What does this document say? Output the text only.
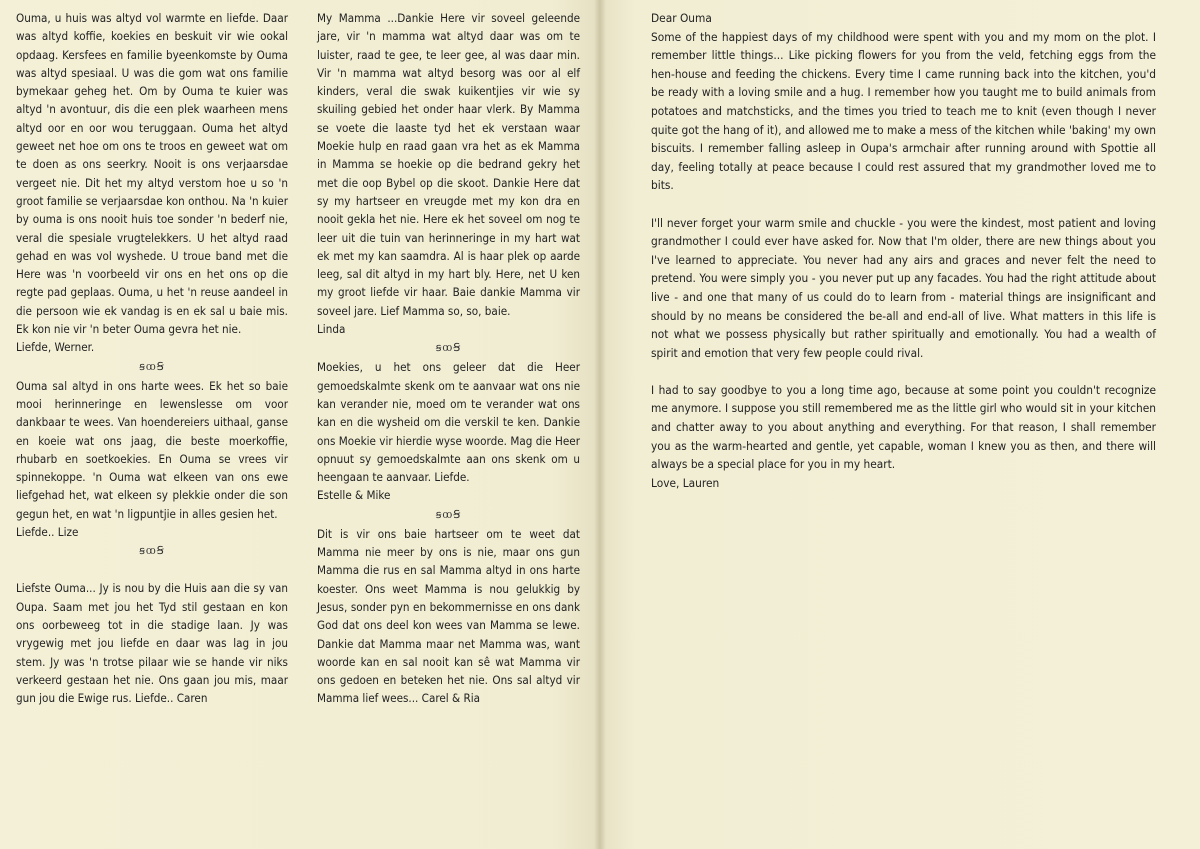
Ouma, u huis was altyd vol warmte en liefde. Daar was altyd koffie, koekies en beskuit vir wie ookal opdaag. Kersfees en familie byeenkomste by Ouma was altyd spesiaal. U was die gom wat ons familie bymekaar geheg het. Om by Ouma te kuier was altyd 'n avontuur, dis die een plek waarheen mens altyd oor en oor wou teruggaan. Ouma het altyd geweet net hoe om ons te troos en geweet wat om te doen as ons seerkry. Nooit is ons verjaarsdae vergeet nie. Dit het my altyd verstom hoe u so 'n groot familie se verjaarsdae kon onthou. Na 'n kuier by ouma is ons nooit huis toe sonder 'n bederf nie, veral die spesiale vrugtelekkers. U het altyd raad gehad en was vol wyshede. U troue band met die Here was 'n voorbeeld vir ons en het ons op die regte pad geplaas. Ouma, u het 'n reuse aandeel in die persoon wie ek vandag is en ek sal u baie mis. Ek kon nie vir 'n beter Ouma gevra het nie.
Liefde, Werner.

ꞩꝏꞨ

Ouma sal altyd in ons harte wees. Ek het so baie mooi herinneringe en lewenslesse om voor dankbaar te wees. Van hoendereiers uithaal, ganse en koeie wat ons jaag, die beste moerkoffie, rhubarb en soetkoekies. En Ouma se vrees vir spinnekoppe. 'n Ouma wat elkeen van ons ewe liefgehad het, wat elkeen sy plekkie onder die son gegun het, en wat 'n ligpuntjie in alles gesien het.
Liefde.. Lize

ꞩꝏꞨ

Liefste Ouma... Jy is nou by die Huis aan die sy van Oupa. Saam met jou het Tyd stil gestaan en kon ons oorbeweeg tot in die stadige laan. Jy was vrygewig met jou liefde en daar was lag in jou stem. Jy was 'n trotse pilaar wie se hande vir niks verkeerd gestaan het nie. Ons gaan jou mis, maar gun jou die Ewige rus. Liefde.. Caren

My Mamma ...Dankie Here vir soveel geleende jare, vir 'n mamma wat altyd daar was om te luister, raad te gee, te leer gee, al was daar min. Vir 'n mamma wat altyd besorg was oor al elf kinders, veral die swak kuikentjies vir wie sy skuiling gebied het onder haar vlerk. By Mamma se voete die laaste tyd het ek verstaan waar Moekie hulp en raad gaan vra het as ek Mamma in Mamma se hoekie op die bedrand gekry het met die oop Bybel op die skoot. Dankie Here dat sy my hartseer en vreugde met my kon dra en nooit gekla het nie. Here ek het soveel om nog te leer uit die tuin van herinneringe in my hart wat ek met my kan saamdra. Al is haar plek op aarde leeg, sal dit altyd in my hart bly. Here, net U ken my groot liefde vir haar. Baie dankie Mamma vir soveel jare. Lief Mamma so, so, baie.
Linda

ꞩꝏꞨ

Moekies, u het ons geleer dat die Heer gemoedskalmte skenk om te aanvaar wat ons nie kan verander nie, moed om te verander wat ons kan en die wysheid om die verskil te ken. Dankie ons Moekie vir hierdie wyse woorde. Mag die Heer opnuut sy gemoedskalmte aan ons skenk om u heengaan te aanvaar. Liefde.
Estelle & Mike

ꞩꝏꞨ

Dit is vir ons baie hartseer om te weet dat Mamma nie meer by ons is nie, maar ons gun Mamma die rus en sal Mamma altyd in ons harte koester. Ons weet Mamma is nou gelukkig by Jesus, sonder pyn en bekommernisse en ons dank God dat ons deel kon wees van Mamma se lewe. Dankie dat Mamma maar net Mamma was, want woorde kan en sal nooit kan sê wat Mamma vir ons gedoen en beteken het nie. Ons sal altyd vir Mamma lief wees... Carel & Ria

Dear Ouma

Some of the happiest days of my childhood were spent with you and my mom on the plot. I remember little things... Like picking flowers for you from the veld, fetching eggs from the hen-house and feeding the chickens. Every time I came running back into the kitchen, you'd be ready with a loving smile and a hug. I remember how you taught me to build animals from potatoes and matchsticks, and the times you tried to teach me to knit (even though I never quite got the hang of it), and allowed me to make a mess of the kitchen while 'baking' my own biscuits. I remember falling asleep in Oupa's armchair after running around with Spottie all day, feeling totally at peace because I could rest assured that my grandmother loved me to bits.

I'll never forget your warm smile and chuckle - you were the kindest, most patient and loving grandmother I could ever have asked for. Now that I'm older, there are new things about you I've learned to appreciate. You never had any airs and graces and never felt the need to pretend. You were simply you - you never put up any facades. You had the right attitude about live - and one that many of us could do to learn from - material things are insignificant and should by no means be considered the be-all and end-all of live. What matters in this life is not what we possess physically but rather spiritually and emotionally. You had a wealth of spirit and emotion that very few people could rival.

I had to say goodbye to you a long time ago, because at some point you couldn't recognize me anymore. I suppose you still remembered me as the little girl who would sit in your kitchen and chatter away to you about anything and everything. For that reason, I shall remember you as the warm-hearted and gentle, yet capable, woman I knew you as then, and there will always be a special place for you in my heart.

Love, Lauren
